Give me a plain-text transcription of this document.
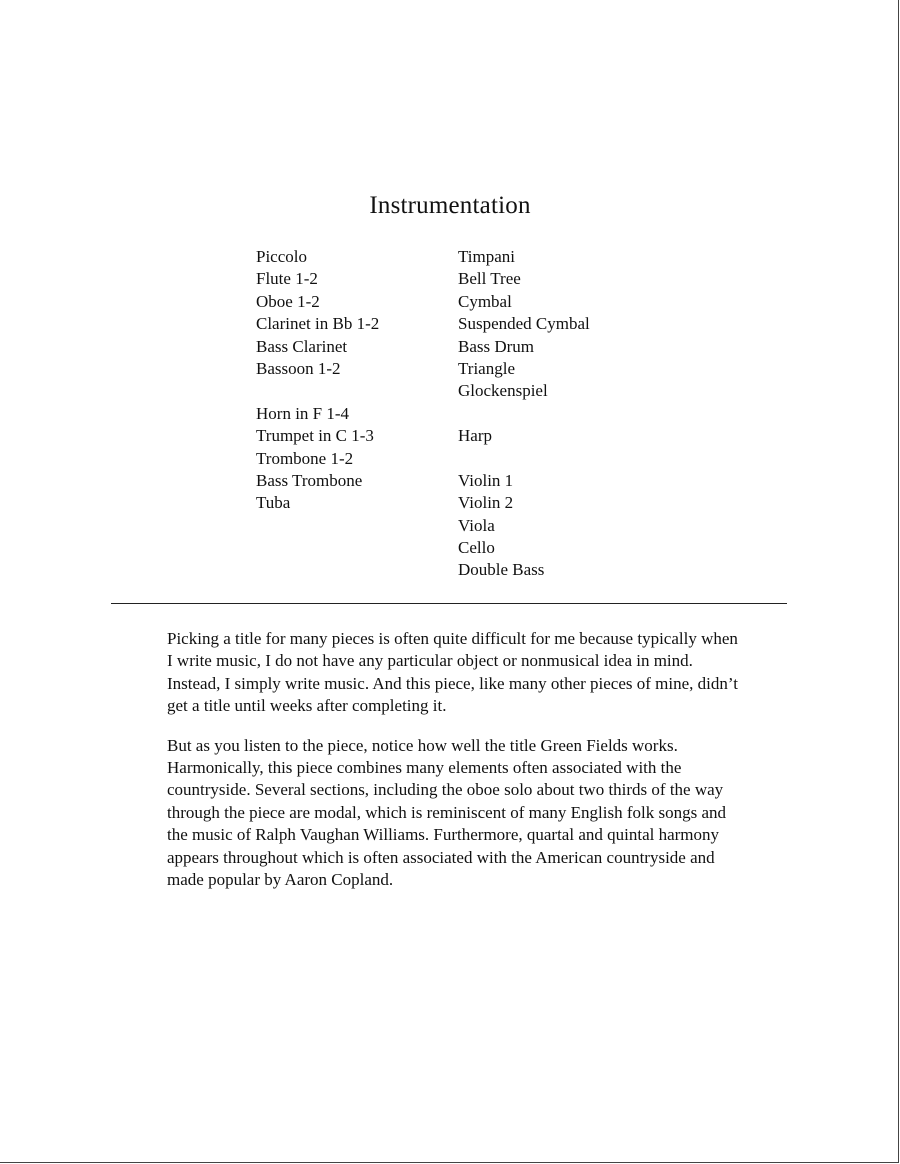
Instrumentation
Piccolo
Flute 1-2
Oboe 1-2
Clarinet in Bb 1-2
Bass Clarinet
Bassoon 1-2
Horn in F 1-4
Trumpet in C 1-3
Trombone 1-2
Bass Trombone
Tuba
Timpani
Bell Tree
Cymbal
Suspended Cymbal
Bass Drum
Triangle
Glockenspiel
Harp
Violin 1
Violin 2
Viola
Cello
Double Bass

Picking a title for many pieces is often quite difficult for me because typically when I write music, I do not have any particular object or nonmusical idea in mind. Instead, I simply write music. And this piece, like many other pieces of mine, didn’t get a title until weeks after completing it.

But as you listen to the piece, notice how well the title Green Fields works. Harmonically, this piece combines many elements often associated with the countryside. Several sections, including the oboe solo about two thirds of the way through the piece are modal, which is reminiscent of many English folk songs and the music of Ralph Vaughan Williams. Furthermore, quartal and quintal harmony appears throughout which is often associated with the American countryside and made popular by Aaron Copland.
